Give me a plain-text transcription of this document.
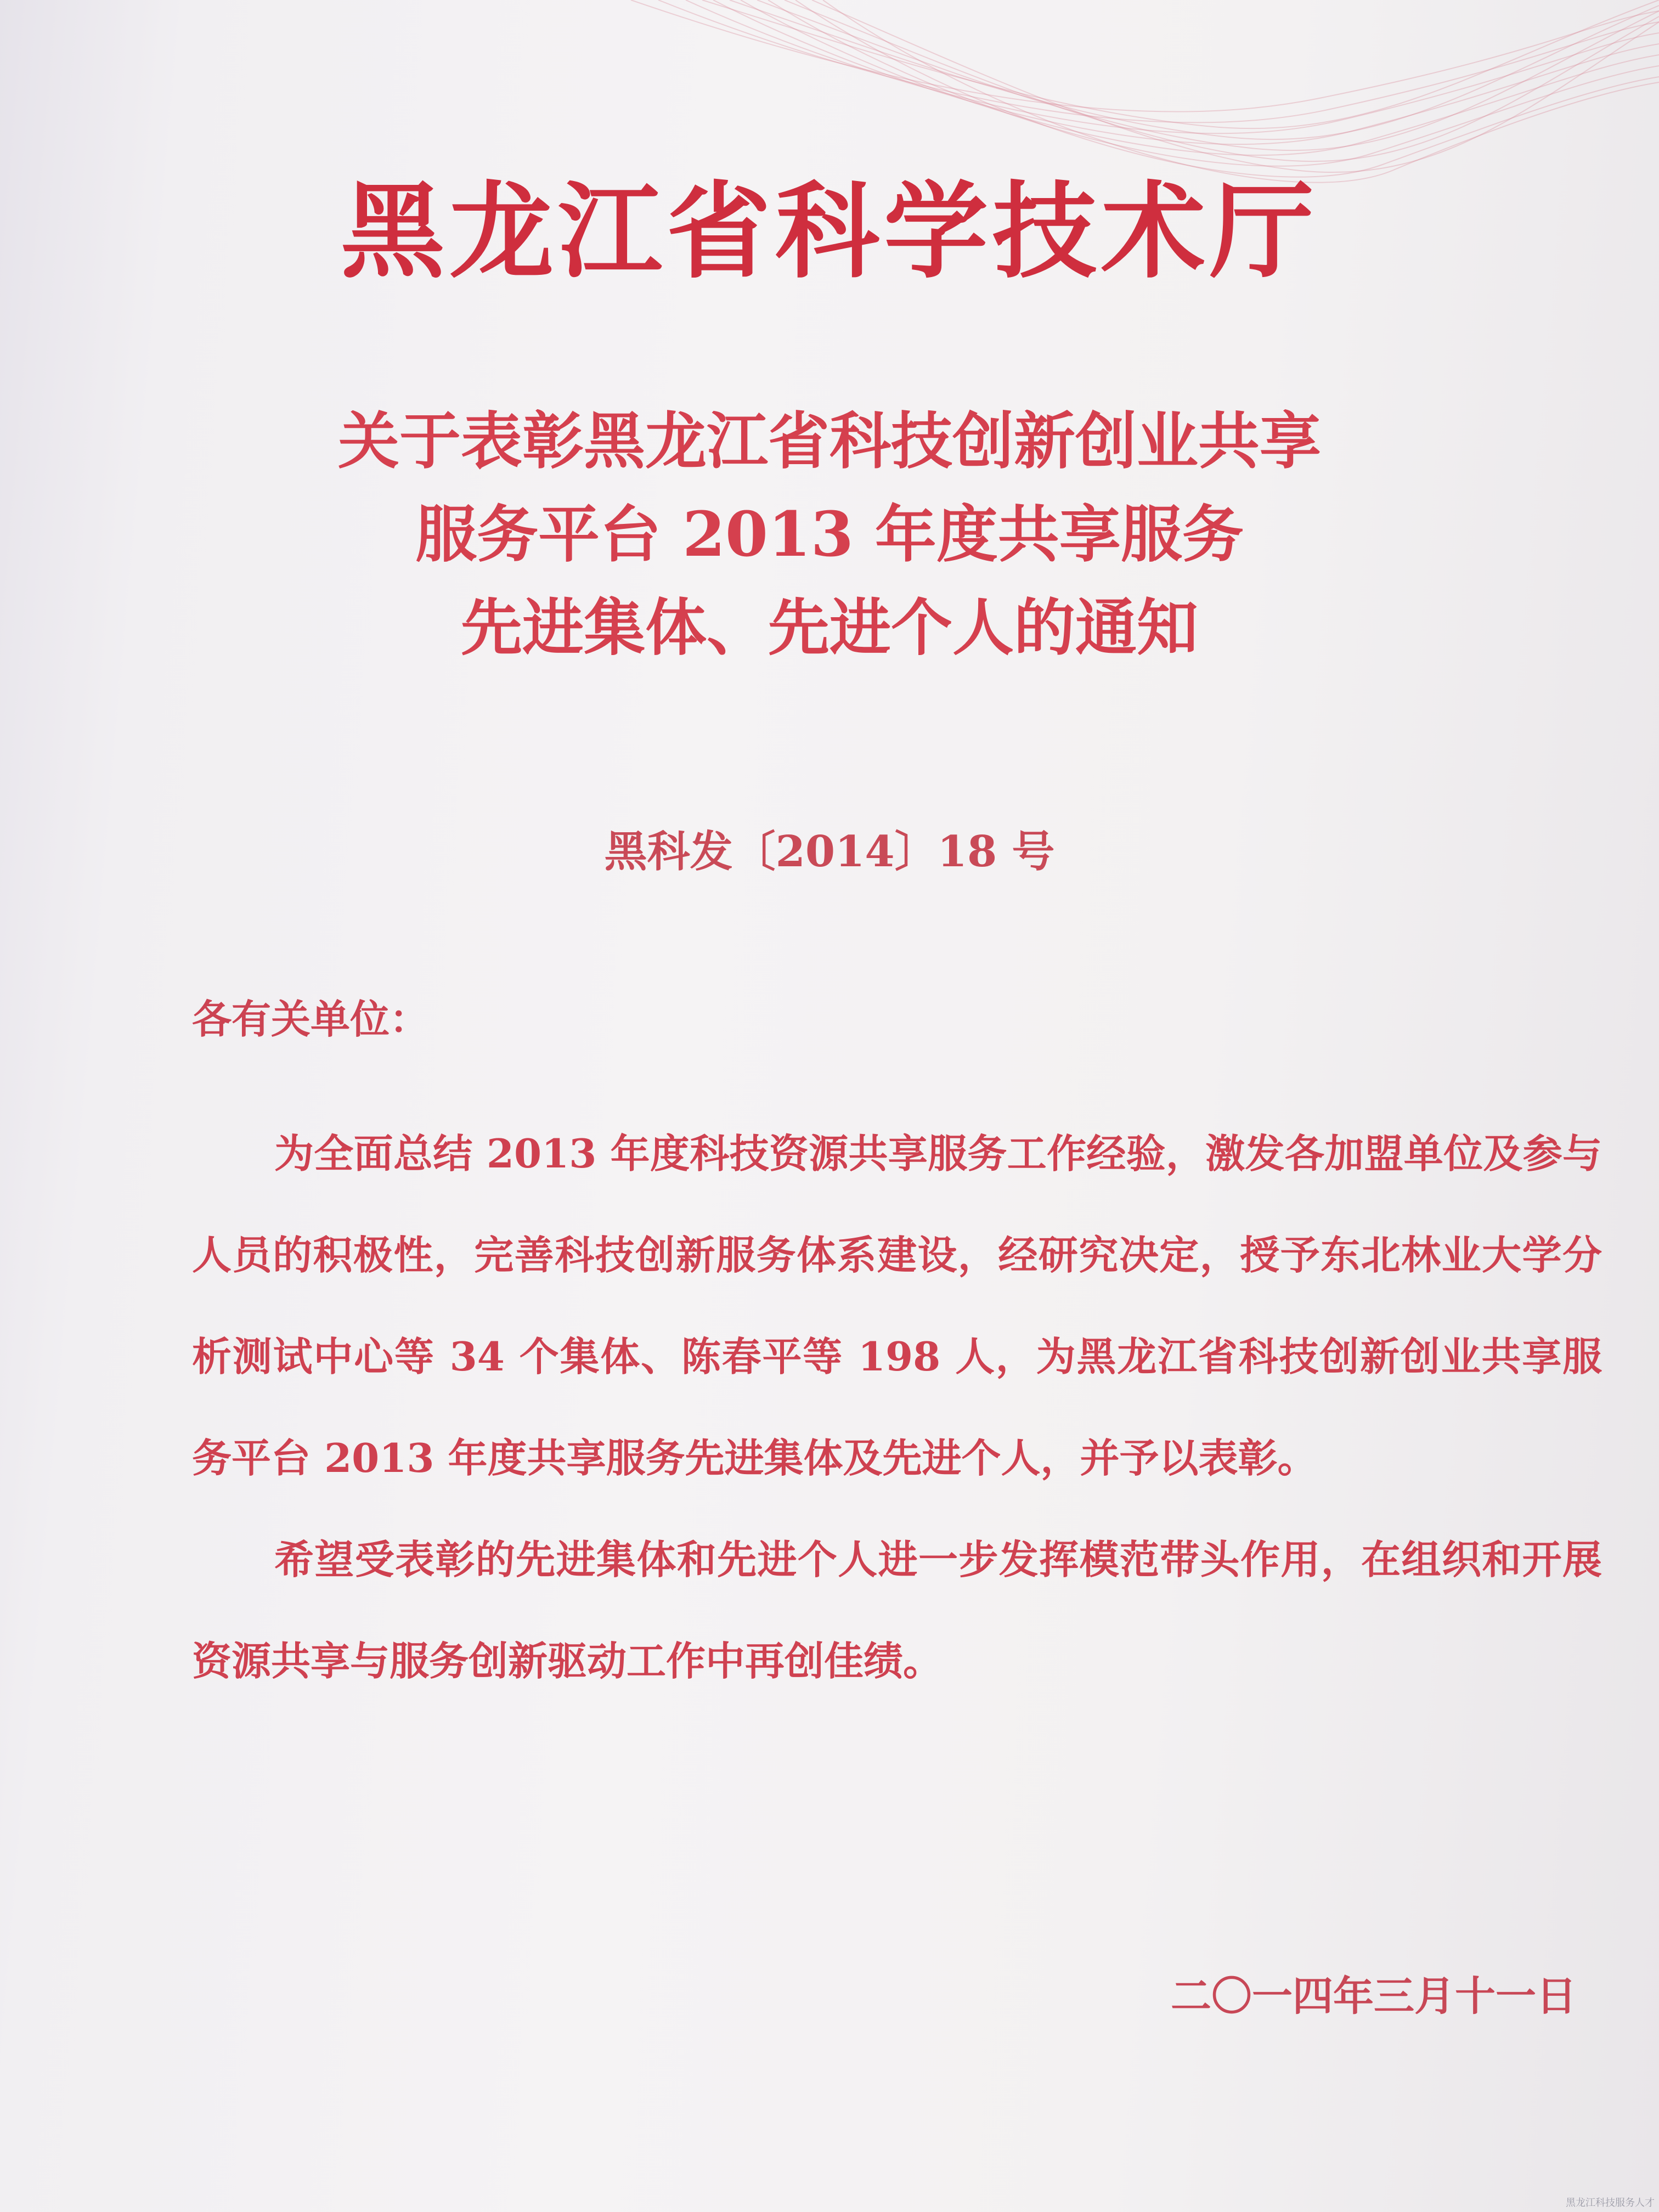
黑龙江省科学技术厅
关于表彰黑龙江省科技创新创业共享
服务平台 2013 年度共享服务
先进集体、先进个人的通知
黑科发〔2014〕18 号
各有关单位：

为全面总结 2013 年度科技资源共享服务工作经验，激发各加盟单位及参与人员的积极性，完善科技创新服务体系建设，经研究决定，授予东北林业大学分析测试中心等 34 个集体、陈春平等 198 人，为黑龙江省科技创新创业共享服务平台 2013 年度共享服务先进集体及先进个人，并予以表彰。

希望受表彰的先进集体和先进个人进一步发挥模范带头作用，在组织和开展资源共享与服务创新驱动工作中再创佳绩。

二〇一四年三月十一日
黑龙江科技服务人才
